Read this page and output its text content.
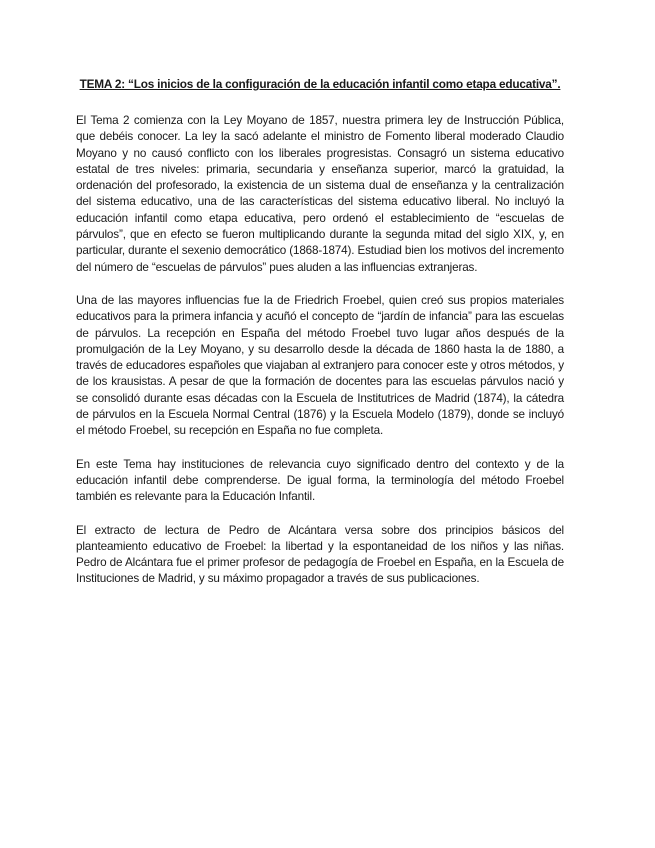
TEMA 2: “Los inicios de la configuración de la educación infantil como etapa educativa”.

El Tema 2 comienza con la Ley Moyano de 1857, nuestra primera ley de Instrucción Pública, que debéis conocer. La ley la sacó adelante el ministro de Fomento liberal moderado Claudio Moyano y no causó conflicto con los liberales progresistas. Consagró un sistema educativo estatal de tres niveles: primaria, secundaria y enseñanza superior, marcó la gratuidad, la ordenación del profesorado, la existencia de un sistema dual de enseñanza y la centralización del sistema educativo, una de las características del sistema educativo liberal. No incluyó la educación infantil como etapa educativa, pero ordenó el establecimiento de “escuelas de párvulos”, que en efecto se fueron multiplicando durante la segunda mitad del siglo XIX, y, en particular, durante el sexenio democrático (1868-1874). Estudiad bien los motivos del incremento del número de “escuelas de párvulos” pues aluden a las influencias extranjeras.

Una de las mayores influencias fue la de Friedrich Froebel, quien creó sus propios materiales educativos para la primera infancia y acuñó el concepto de “jardín de infancia” para las escuelas de párvulos. La recepción en España del método Froebel tuvo lugar años después de la promulgación de la Ley Moyano, y su desarrollo desde la década de 1860 hasta la de 1880, a través de educadores españoles que viajaban al extranjero para conocer este y otros métodos, y de los krausistas. A pesar de que la formación de docentes para las escuelas párvulos nació y se consolidó durante esas décadas con la Escuela de Institutrices de Madrid (1874), la cátedra de párvulos en la Escuela Normal Central (1876) y la Escuela Modelo (1879), donde se incluyó el método Froebel, su recepción en España no fue completa.

En este Tema hay instituciones de relevancia cuyo significado dentro del contexto y de la educación infantil debe comprenderse. De igual forma, la terminología del método Froebel también es relevante para la Educación Infantil.

El extracto de lectura de Pedro de Alcántara versa sobre dos principios básicos del planteamiento educativo de Froebel: la libertad y la espontaneidad de los niños y las niñas. Pedro de Alcántara fue el primer profesor de pedagogía de Froebel en España, en la Escuela de Instituciones de Madrid, y su máximo propagador a través de sus publicaciones.
